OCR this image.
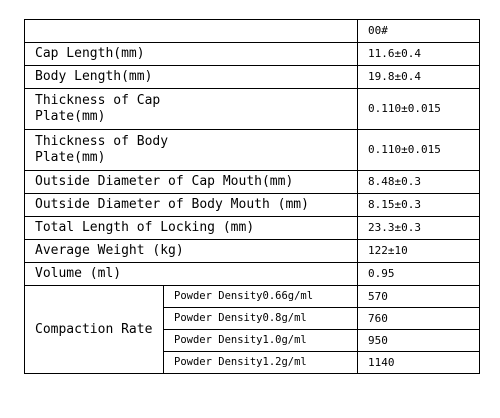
		00#
Cap Length(mm)		11.6±0.4
Body Length(mm)		19.8±0.4

Thickness of Cap Plate(mm)		0.110±0.015

Thickness of Body Plate(mm)		0.110±0.015
Outside Diameter of Cap Mouth(mm)		8.48±0.3
Outside Diameter of Body Mouth (mm)		8.15±0.3
Total Length of Locking (mm)		23.3±0.3
Average Weight (kg)		122±10
Volume (ml)		0.95
Compaction Rate	Powder Density0.66g/ml	570
	Powder Density0.8g/ml	760
	Powder Density1.0g/ml	950
	Powder Density1.2g/ml	1140
